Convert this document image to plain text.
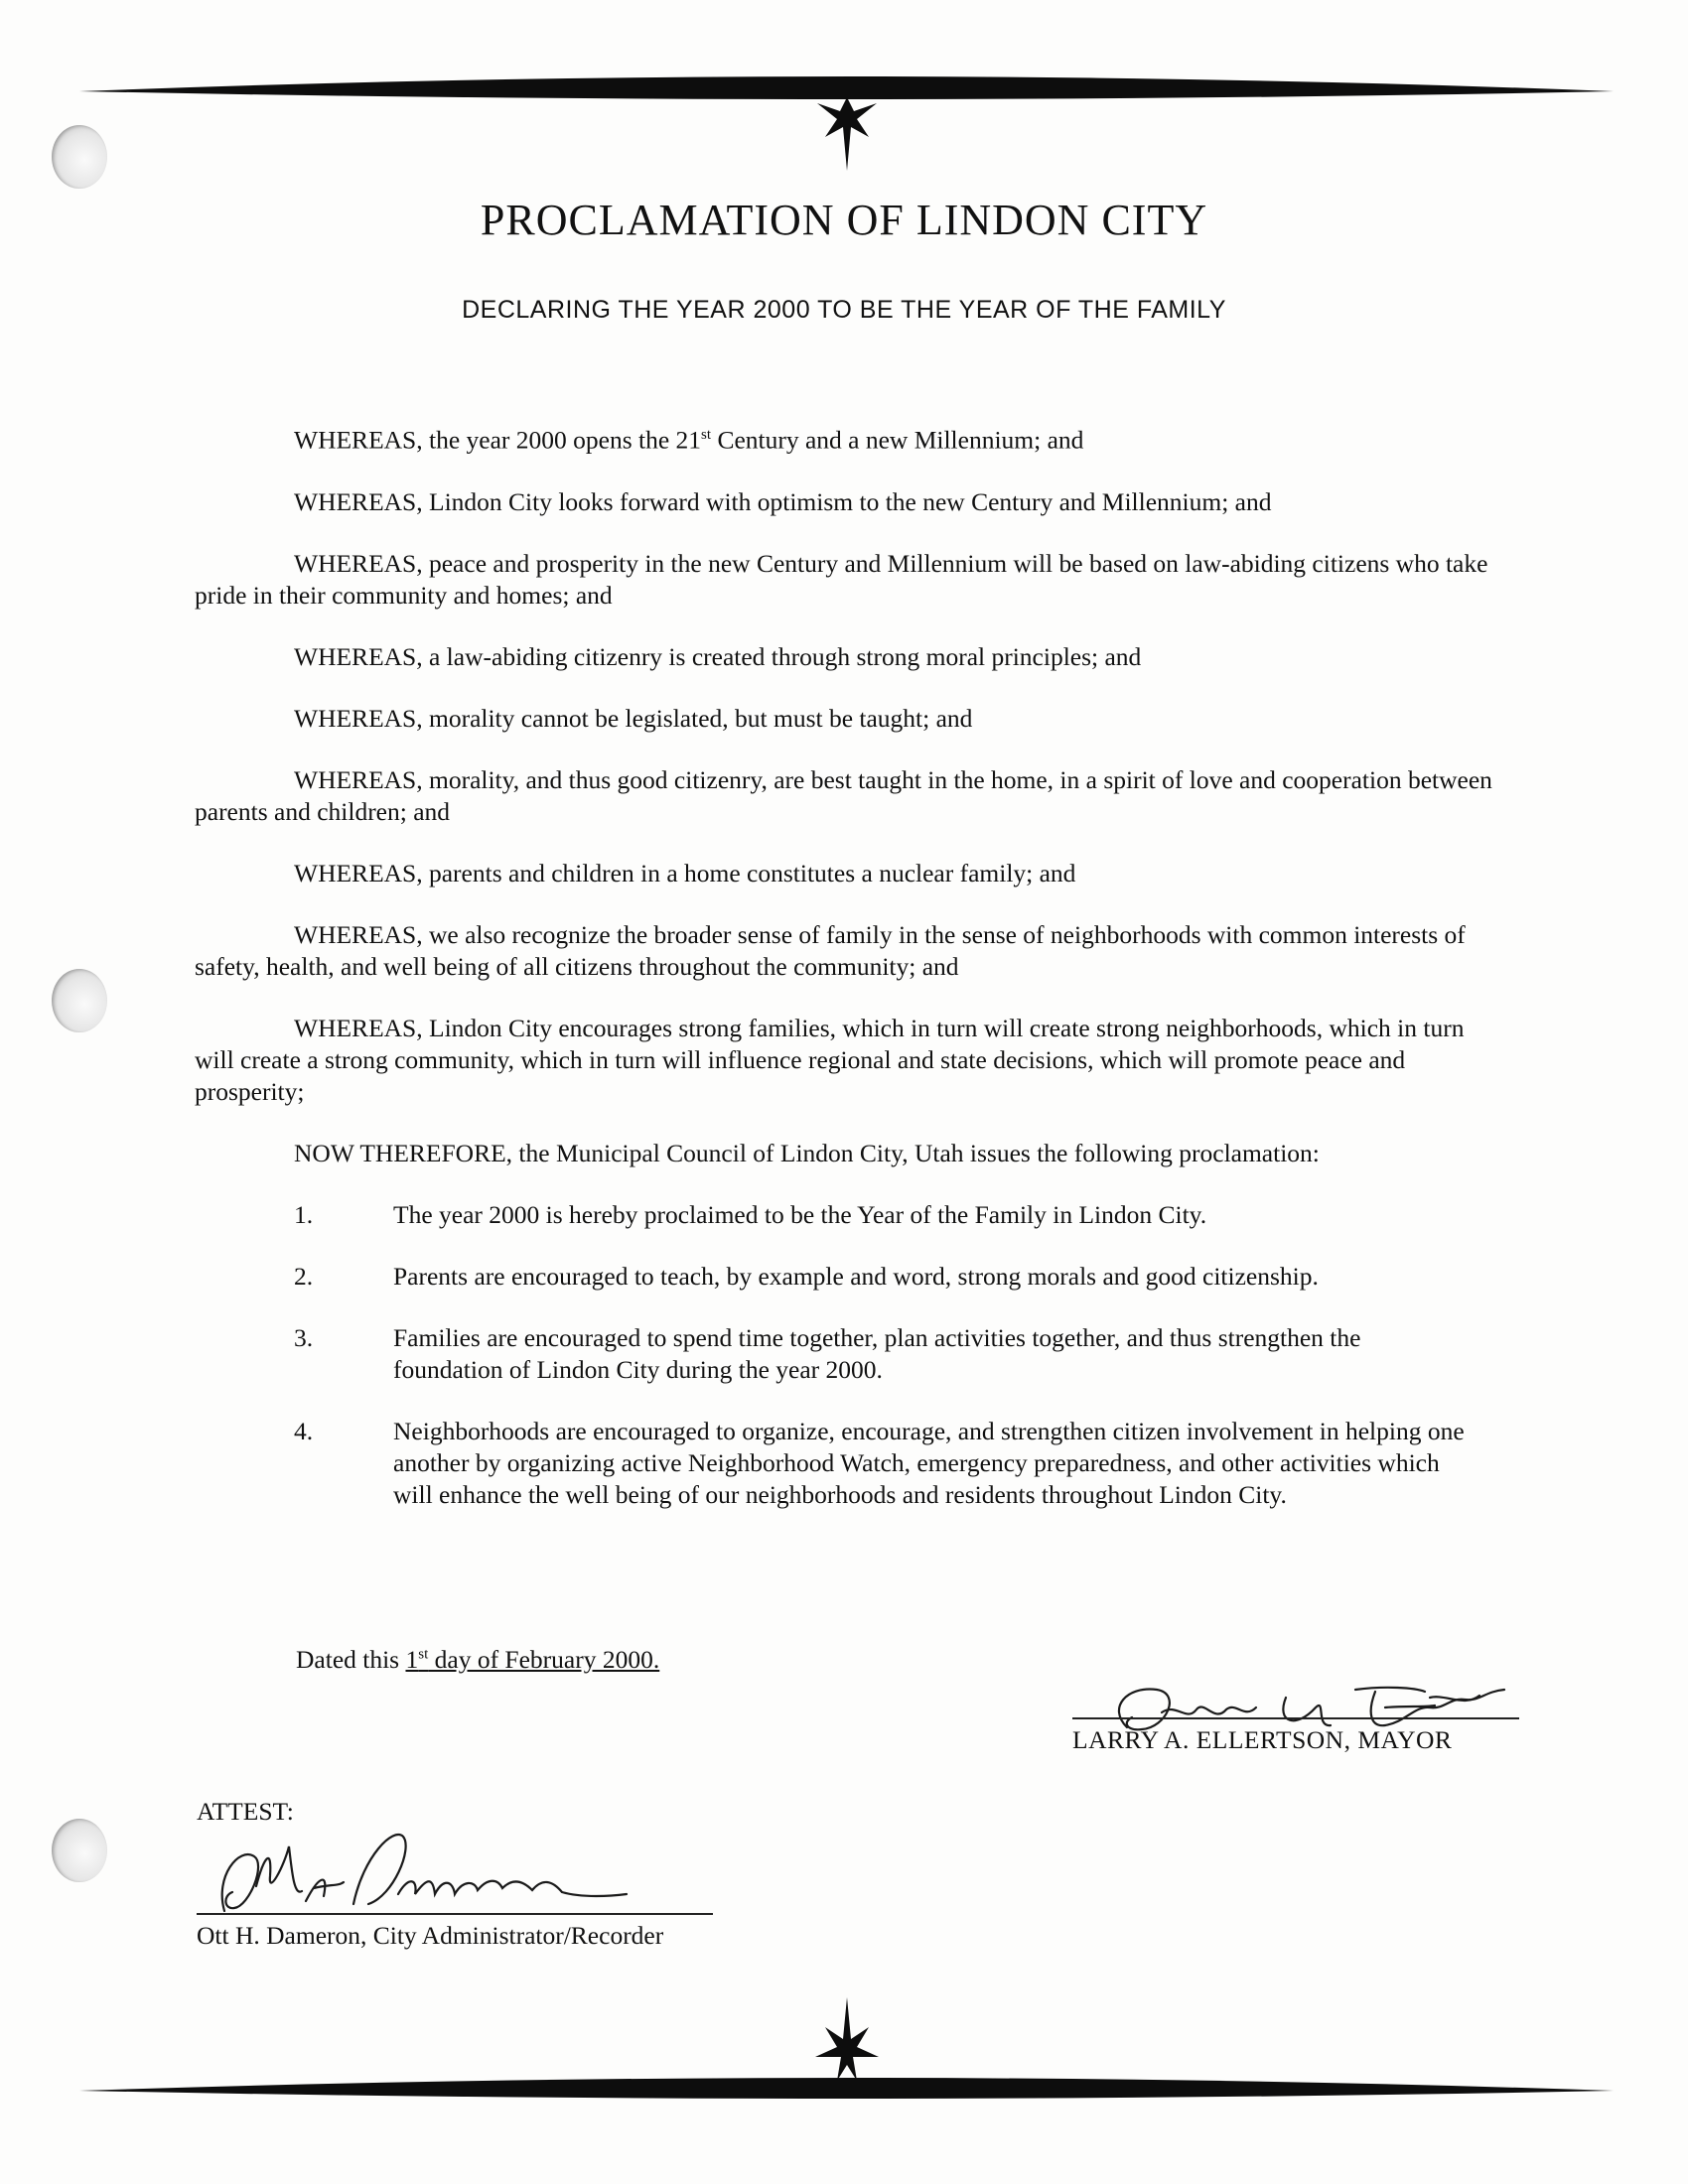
PROCLAMATION OF LINDON CITY
DECLARING THE YEAR 2000 TO BE THE YEAR OF THE FAMILY

WHEREAS, the year 2000 opens the 21st Century and a new Millennium; and

WHEREAS, Lindon City looks forward with optimism to the new Century and Millennium; and

WHEREAS, peace and prosperity in the new Century and Millennium will be based on law-abiding citizens who take pride in their community and homes; and

WHEREAS, a law-abiding citizenry is created through strong moral principles; and

WHEREAS, morality cannot be legislated, but must be taught; and

WHEREAS, morality, and thus good citizenry, are best taught in the home, in a spirit of love and cooperation between parents and children; and

WHEREAS, parents and children in a home constitutes a nuclear family; and

WHEREAS, we also recognize the broader sense of family in the sense of neighborhoods with common interests of safety, health, and well being of all citizens throughout the community; and

WHEREAS, Lindon City encourages strong families, which in turn will create strong neighborhoods, which in turn will create a strong community, which in turn will influence regional and state decisions, which will promote peace and prosperity;

NOW THEREFORE, the Municipal Council of Lindon City, Utah issues the following proclamation:

1.	The year 2000 is hereby proclaimed to be the Year of the Family in Lindon City.
2.	Parents are encouraged to teach, by example and word, strong morals and good citizenship.
3.	Families are encouraged to spend time together, plan activities together, and thus strengthen the foundation of Lindon City during the year 2000.
4.	Neighborhoods are encouraged to organize, encourage, and strengthen citizen involvement in helping one another by organizing active Neighborhood Watch, emergency preparedness, and other activities which will enhance the well being of our neighborhoods and residents throughout Lindon City.
Dated this 1st day of February 2000.
LARRY A. ELLERTSON, MAYOR
ATTEST:
Ott H. Dameron, City Administrator/Recorder
